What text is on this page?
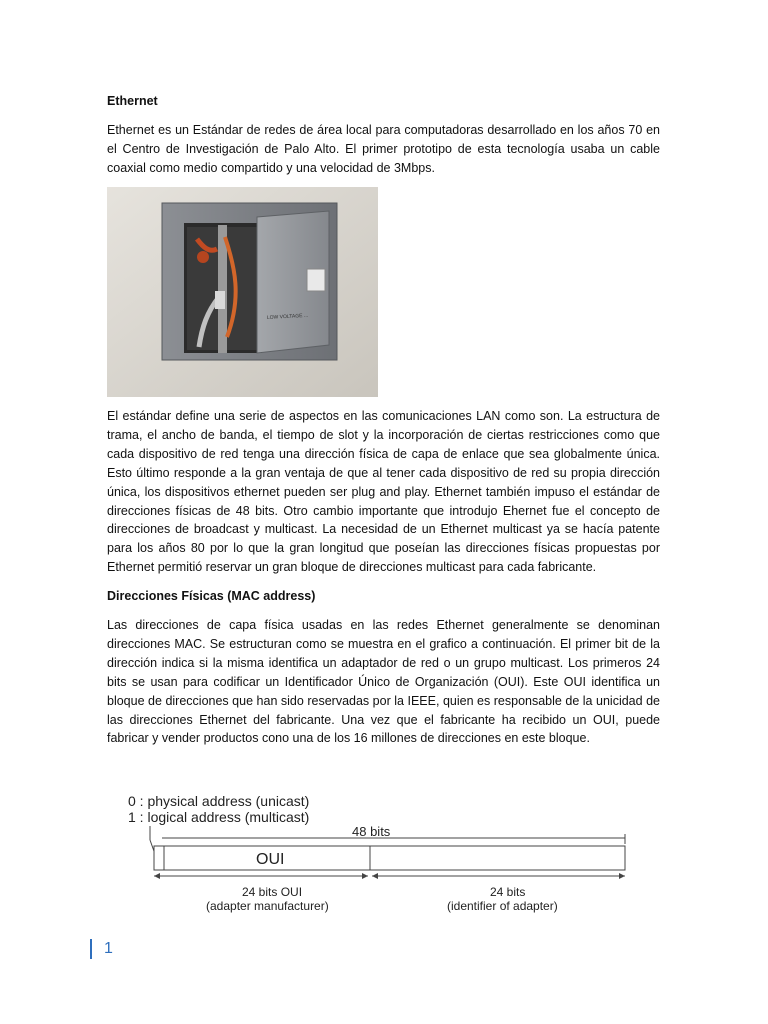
Ethernet

Ethernet es un Estándar de redes de área local para computadoras desarrollado en los años 70 en el Centro de Investigación de Palo Alto. El primer prototipo de esta tecnología usaba un cable coaxial como medio compartido y una velocidad de 3Mbps.

LOW VOLTAGE ...

El estándar define una serie de aspectos en las comunicaciones LAN como son. La estructura de trama, el ancho de banda, el tiempo de slot y la incorporación de ciertas restricciones como que cada dispositivo de red tenga una dirección física de capa de enlace que sea globalmente única. Esto último responde a la gran ventaja de que al tener cada dispositivo de red su propia dirección única, los dispositivos ethernet pueden ser plug and play. Ethernet también impuso el estándar de direcciones físicas de 48 bits. Otro cambio importante que introdujo Ehernet fue el concepto de direcciones de broadcast y multicast. La necesidad de un Ethernet multicast ya se hacía patente para los años 80 por lo que la gran longitud que poseían las direcciones físicas propuestas por Ethernet permitió reservar un gran bloque de direcciones multicast para cada fabricante.

Direcciones Físicas (MAC address)

Las direcciones de capa física usadas en las redes Ethernet generalmente se denominan direcciones MAC. Se estructuran como se muestra en el grafico a continuación. El primer bit de la dirección indica si la misma identifica un adaptador de red o un grupo multicast. Los primeros 24 bits se usan para codificar un Identificador Único de Organización (OUI). Este OUI identifica un bloque de direcciones que han sido reservadas por la IEEE, quien es responsable de la unicidad de las direcciones Ethernet del fabricante. Una vez que el fabricante ha recibido un OUI, puede fabricar y vender productos cono una de los 16 millones de direcciones en este bloque.

0 : physical address (unicast)
1 : logical address (multicast)
48 bits
OUI
24 bits OUI
(adapter manufacturer)
24 bits
(identifier of adapter)
1
